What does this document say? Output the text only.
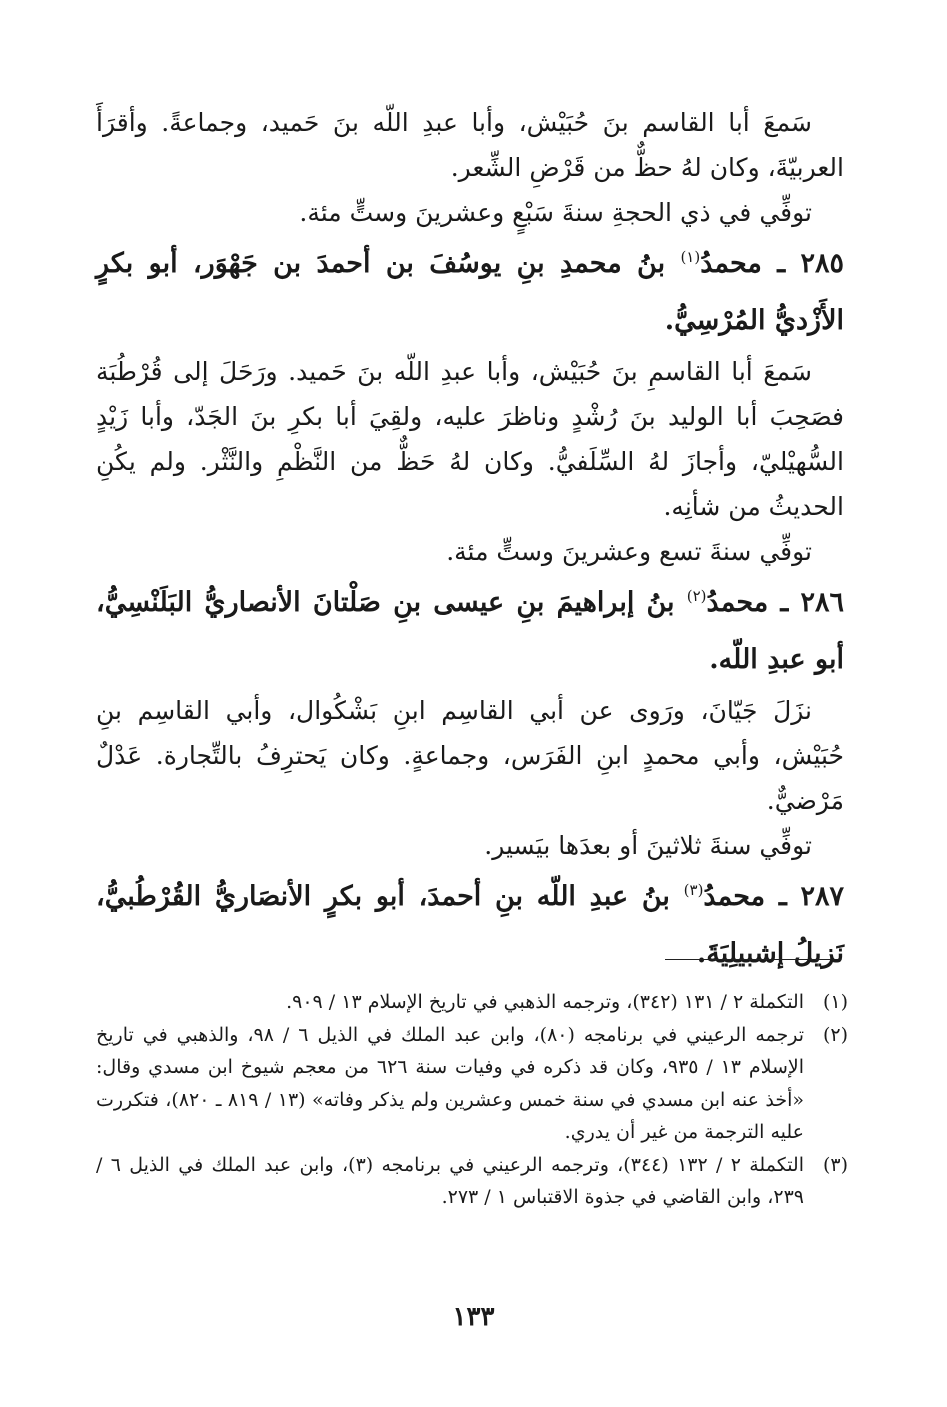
سَمعَ أبا القاسم بنَ حُبَيْش، وأبا عبدِ اللّه بنَ حَميد، وجماعةً. وأقرَأَ العربيّةَ، وكان لهُ حظٌّ من قَرْضِ الشِّعر.

توفِّي في ذي الحجةِ سنةَ سَبْعٍ وعشرينَ وستٍّ مئة.

٢٨٥ ـ محمدُ$^{(١)}$ بنُ محمدِ بنِ يوسُفَ بن أحمدَ بن جَهْوَر، أبو بكرٍ الأَزْديُّ المُرْسِيُّ.

سَمعَ أبا القاسمِ بنَ حُبَيْش، وأبا عبدِ اللّه بنَ حَميد. ورَحَلَ إلى قُرْطُبَة فصَحِبَ أبا الوليد بنَ رُشْدٍ وناظرَ عليه، ولقِيَ أبا بكرِ بنَ الجَدّ، وأبا زَيْدٍ السُّهيْليّ، وأجازَ لهُ السِّلَفيُّ. وكان لهُ حَظٌّ من النَّظْمِ والنَّثْر. ولم يكُنِ الحديثُ من شأنِه.

توفِّي سنةَ تسع وعشرينَ وستٍّ مئة.

٢٨٦ ـ محمدُ$^{(٢)}$ بنُ إبراهيمَ بنِ عيسى بنِ صَلْتانَ الأنصاريُّ البَلَنْسِيُّ، أبو عبدِ اللّه.

نزَلَ جَيّانَ، ورَوى عن أبي القاسِم ابنِ بَشْكُوال، وأبي القاسِم بنِ حُبَيْش، وأبي محمدٍ ابنِ الفَرَس، وجماعةٍ. وكان يَحترِفُ بالتِّجارة. عَدْلٌ مَرْضيٌّ.

توفِّي سنةَ ثلاثينَ أو بعدَها بيَسير.

٢٨٧ ـ محمدُ$^{(٣)}$ بنُ عبدِ اللّه بنِ أحمدَ، أبو بكرٍ الأنصَاريُّ القُرْطُبيُّ، نَزيلُ إشبيلِيَةَ.

(١)
التكملة ٢ / ١٣١ (٣٤٢)، وترجمه الذهبي في تاريخ الإسلام ١٣ / ٩٠٩.
(٢)
ترجمه الرعيني في برنامجه (٨٠)، وابن عبد الملك في الذيل ٦ / ٩٨، والذهبي في تاريخ الإسلام ١٣ / ٩٣٥، وكان قد ذكره في وفيات سنة ٦٢٦ من معجم شيوخ ابن مسدي وقال: «أخذ عنه ابن مسدي في سنة خمس وعشرين ولم يذكر وفاته» (١٣ / ٨١٩ ـ ٨٢٠)، فتكررت عليه الترجمة من غير أن يدري.
(٣)
التكملة ٢ / ١٣٢ (٣٤٤)، وترجمه الرعيني في برنامجه (٣)، وابن عبد الملك في الذيل ٦ / ٢٣٩، وابن القاضي في جذوة الاقتباس ١ / ٢٧٣.
١٣٣
